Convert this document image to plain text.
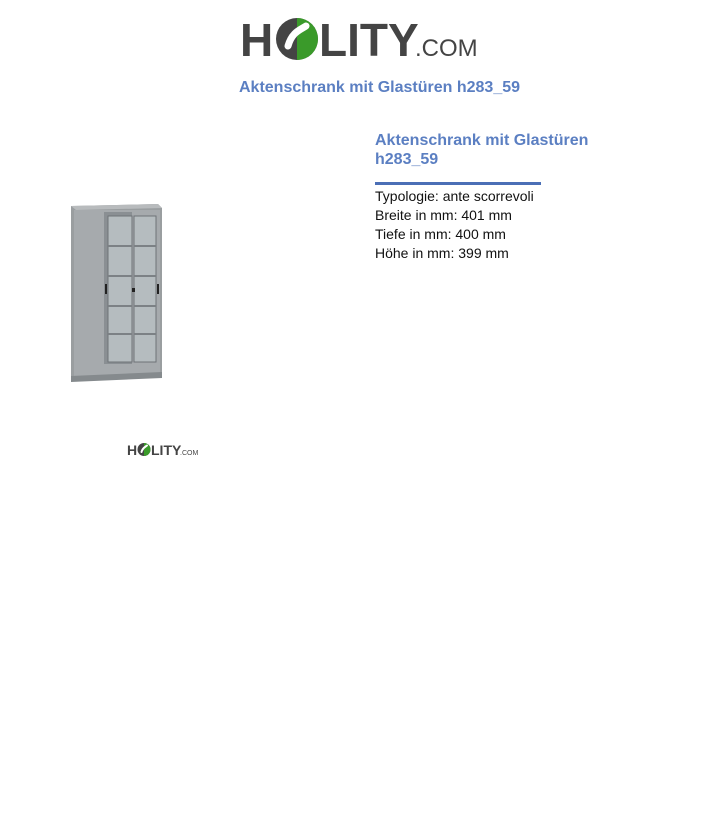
H LITY
.COM
Aktenschrank mit Glastüren h283_59
H LITY
.COM
Aktenschrank mit Glastüren
h283_59

Typologie: ante scorrevoli

Breite in mm: 401 mm

Tiefe in mm: 400 mm

Höhe in mm: 399 mm
